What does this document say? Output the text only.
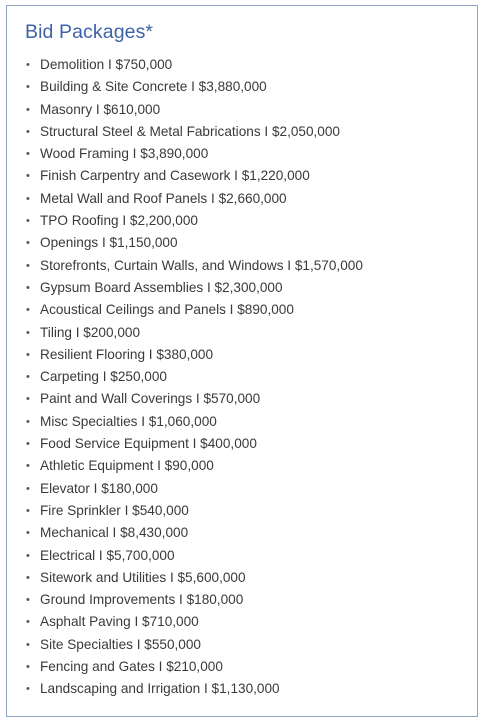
Bid Packages*
• Demolition I $750,000
• Building & Site Concrete I $3,880,000
• Masonry I $610,000
• Structural Steel & Metal Fabrications I $2,050,000
• Wood Framing I $3,890,000
• Finish Carpentry and Casework I $1,220,000
• Metal Wall and Roof Panels I $2,660,000
• TPO Roofing I $2,200,000
• Openings I $1,150,000
• Storefronts, Curtain Walls, and Windows I $1,570,000
• Gypsum Board Assemblies I $2,300,000
• Acoustical Ceilings and Panels I $890,000
• Tiling I $200,000
• Resilient Flooring I $380,000
• Carpeting I $250,000
• Paint and Wall Coverings I $570,000
• Misc Specialties I $1,060,000
• Food Service Equipment I $400,000
• Athletic Equipment I $90,000
• Elevator I $180,000
• Fire Sprinkler I $540,000
• Mechanical I $8,430,000
• Electrical I $5,700,000
• Sitework and Utilities I $5,600,000
• Ground Improvements I $180,000
• Asphalt Paving I $710,000
• Site Specialties I $550,000
• Fencing and Gates I $210,000
• Landscaping and Irrigation I $1,130,000
